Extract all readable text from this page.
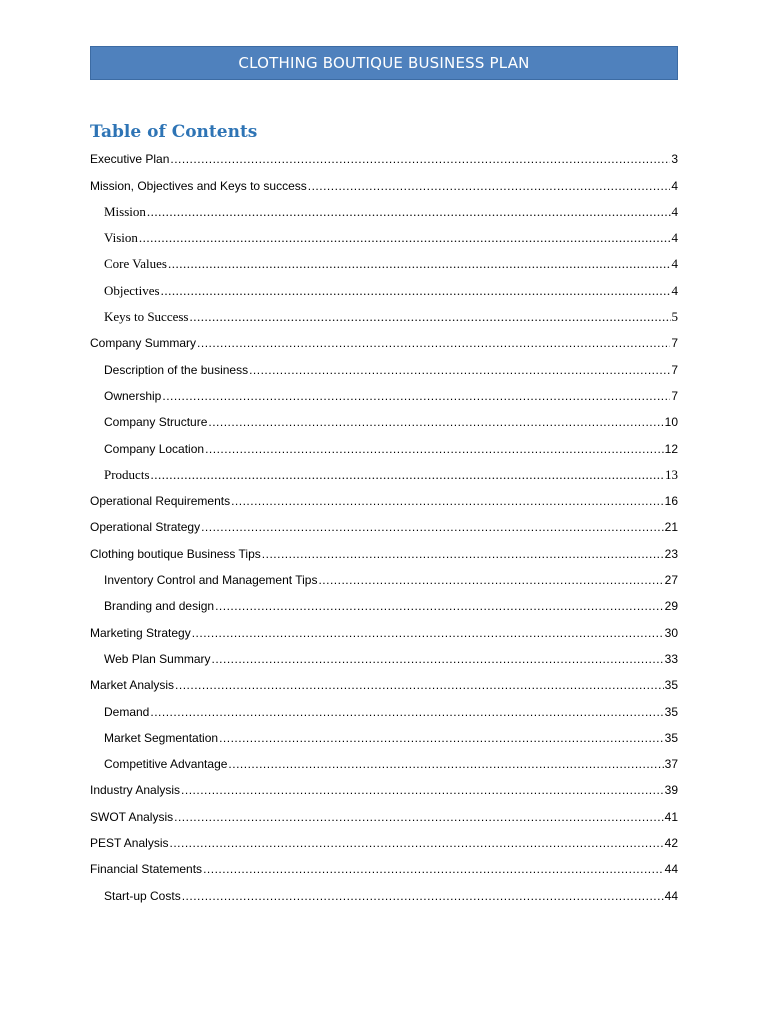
CLOTHING BOUTIQUE BUSINESS PLAN
Table of Contents
Executive Plan .....	3
Mission, Objectives and Keys to success .....	4
Mission .....	4
Vision .....	4
Core Values .....	4
Objectives .....	4
Keys to Success .....	5
Company Summary .....	7
Description of the business .....	7
Ownership .....	7
Company Structure .....	10
Company Location .....	12
Products .....	13
Operational Requirements .....	16
Operational Strategy .....	21
Clothing boutique Business Tips .....	23
Inventory Control and Management Tips .....	27
Branding and design .....	29
Marketing Strategy .....	30
Web Plan Summary .....	33
Market Analysis .....	35
Demand .....	35
Market Segmentation .....	35
Competitive Advantage .....	37
Industry Analysis .....	39
SWOT Analysis .....	41
PEST Analysis .....	42
Financial Statements .....	44
Start-up Costs .....	44
